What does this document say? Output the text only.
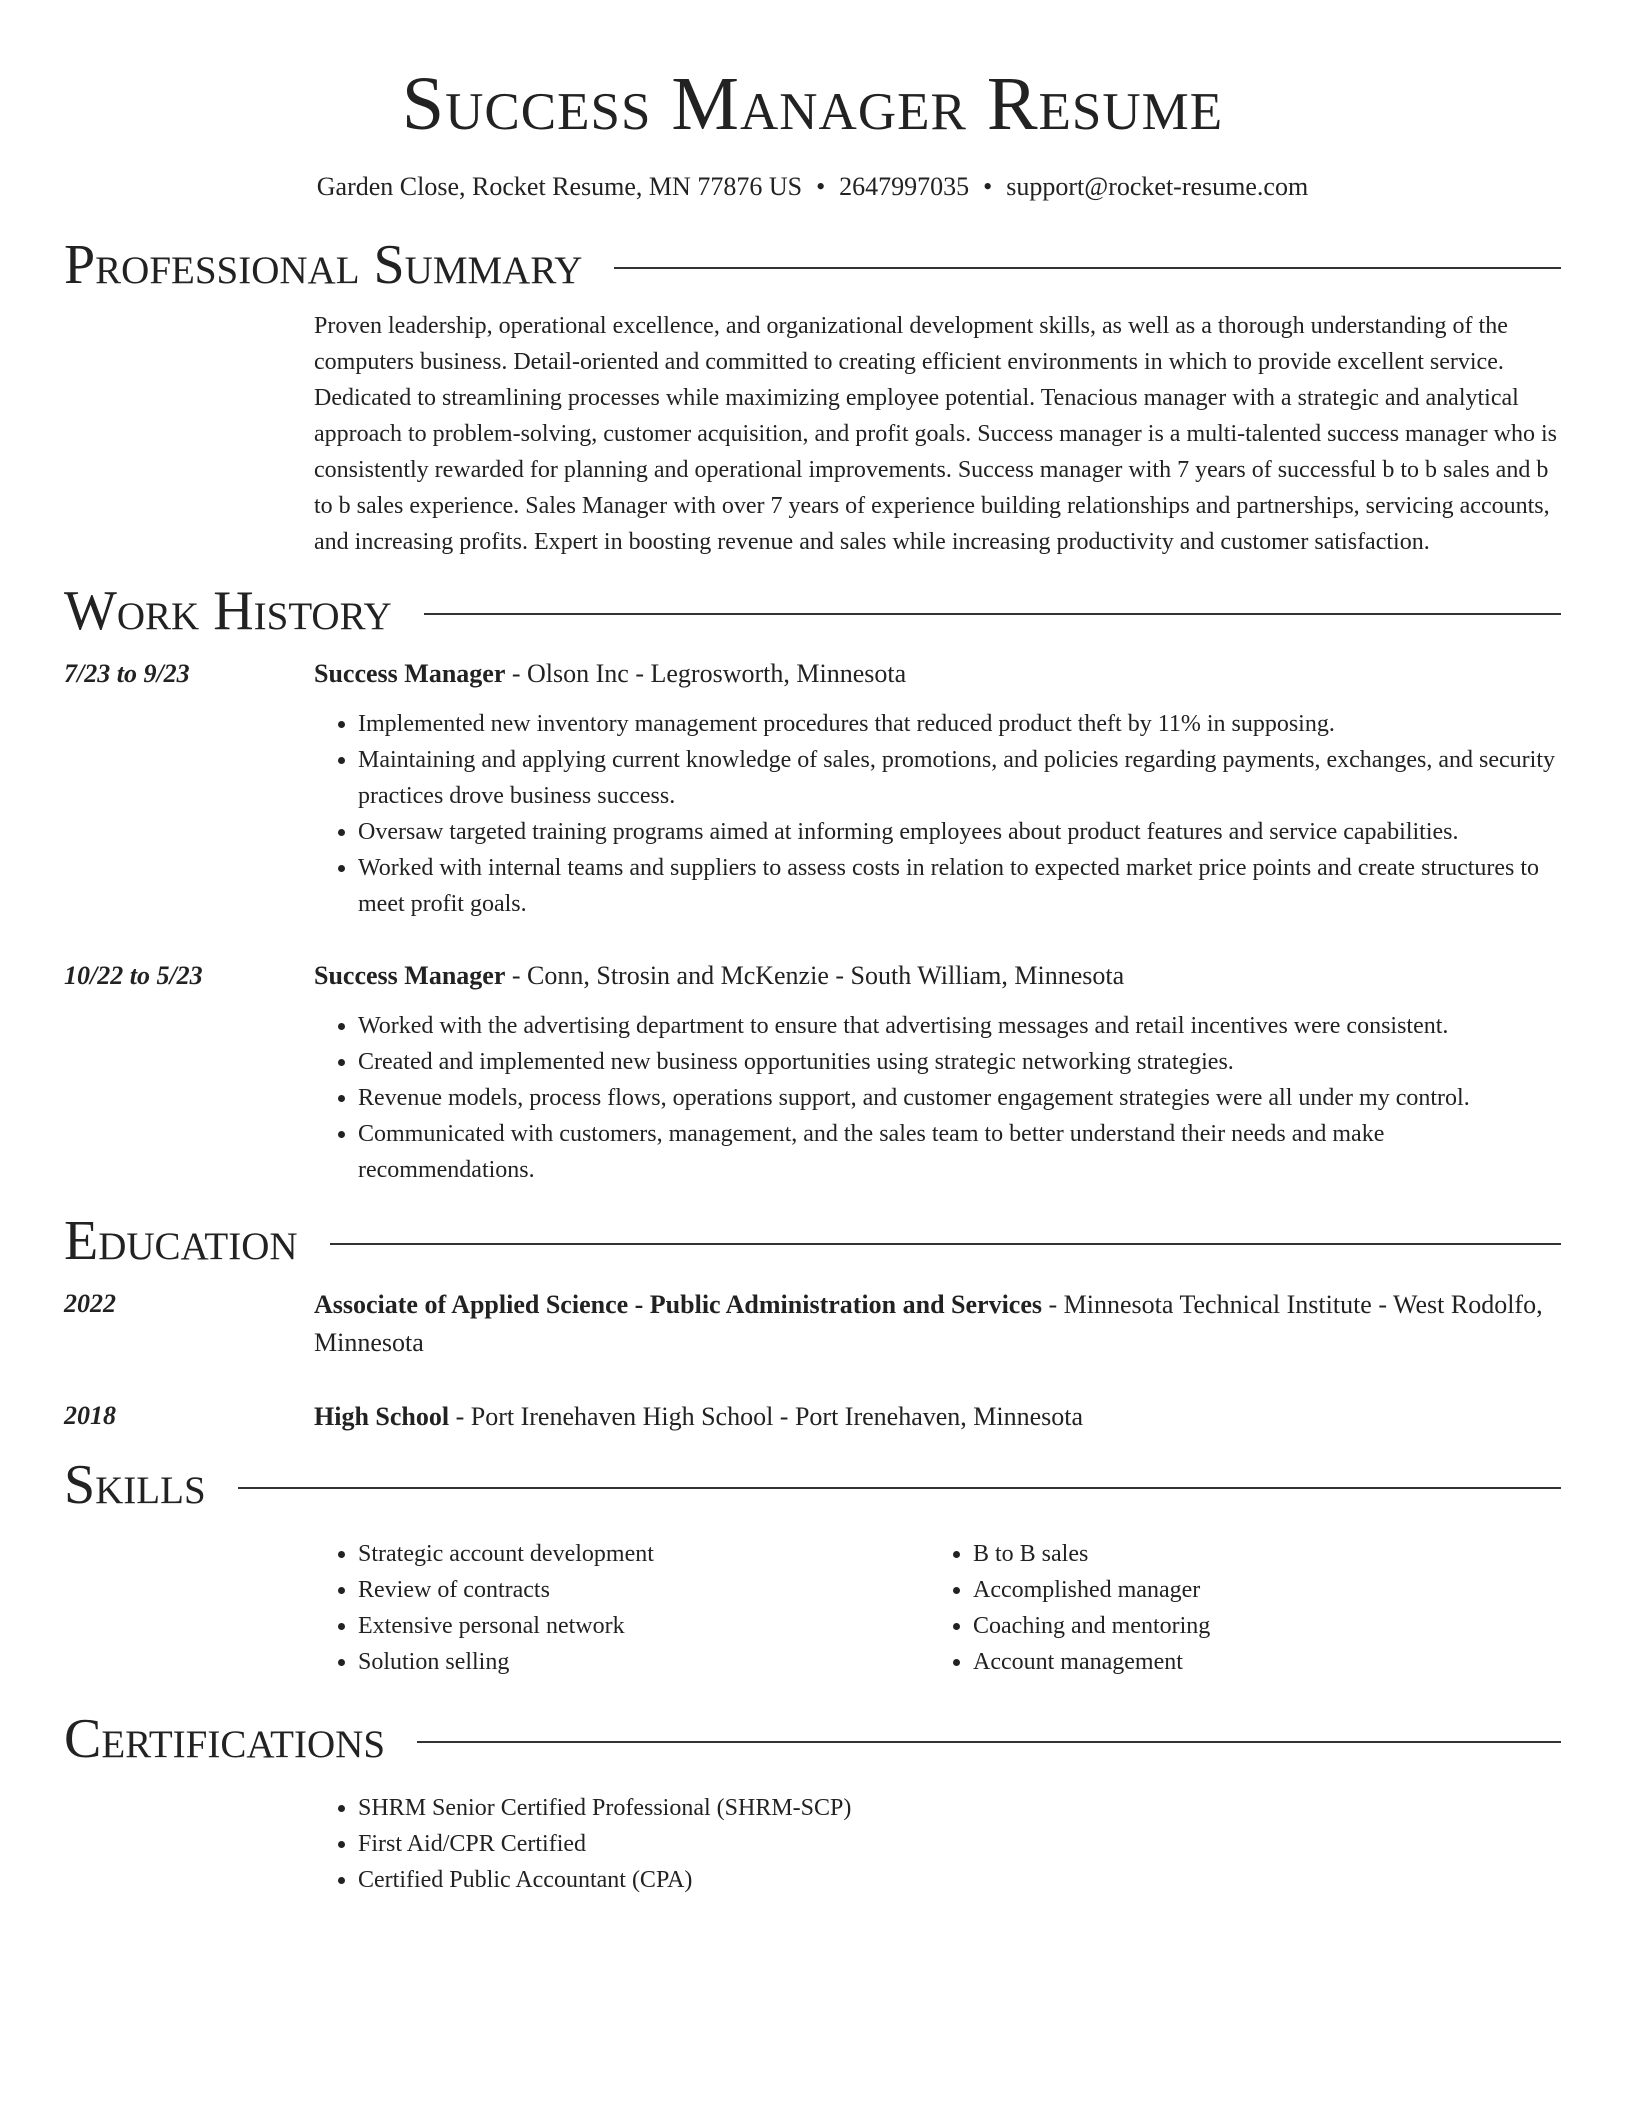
Success Manager Resume
Garden Close, Rocket Resume, MN 77876 US • 2647997035 • support@rocket-resume.com
Professional Summary
Proven leadership, operational excellence, and organizational development skills, as well as a thorough understanding of the computers business. Detail-oriented and committed to creating efficient environments in which to provide excellent service. Dedicated to streamlining processes while maximizing employee potential. Tenacious manager with a strategic and analytical approach to problem-solving, customer acquisition, and profit goals. Success manager is a multi-talented success manager who is consistently rewarded for planning and operational improvements. Success manager with 7 years of successful b to b sales and b to b sales experience. Sales Manager with over 7 years of experience building relationships and partnerships, servicing accounts, and increasing profits. Expert in boosting revenue and sales while increasing productivity and customer satisfaction.
Work History
7/23 to 9/23	Success Manager - Olson Inc - Legrosworth, Minnesota
• Implemented new inventory management procedures that reduced product theft by 11% in supposing.
• Maintaining and applying current knowledge of sales, promotions, and policies regarding payments, exchanges, and security practices drove business success.
• Oversaw targeted training programs aimed at informing employees about product features and service capabilities.
• Worked with internal teams and suppliers to assess costs in relation to expected market price points and create structures to meet profit goals.
10/22 to 5/23	Success Manager - Conn, Strosin and McKenzie - South William, Minnesota
• Worked with the advertising department to ensure that advertising messages and retail incentives were consistent.
• Created and implemented new business opportunities using strategic networking strategies.
• Revenue models, process flows, operations support, and customer engagement strategies were all under my control.
• Communicated with customers, management, and the sales team to better understand their needs and make recommendations.
Education
2022	Associate of Applied Science - Public Administration and Services - Minnesota Technical Institute - West Rodolfo, Minnesota
2018	High School - Port Irenehaven High School - Port Irenehaven, Minnesota
Skills
• Strategic account development
• Review of contracts
• Extensive personal network
• Solution selling
• B to B sales
• Accomplished manager
• Coaching and mentoring
• Account management
Certifications
• SHRM Senior Certified Professional (SHRM-SCP)
• First Aid/CPR Certified
• Certified Public Accountant (CPA)
